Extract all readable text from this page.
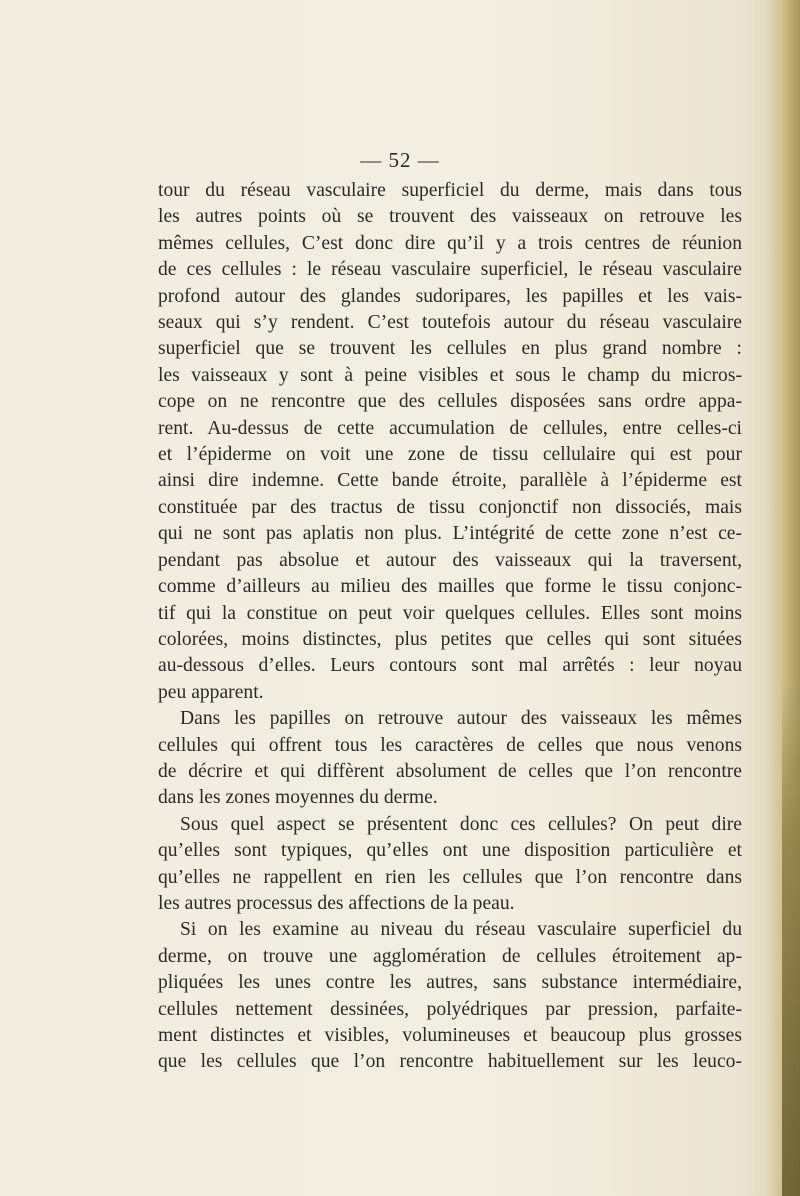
— 52 —

tour du réseau vasculaire superficiel du derme, mais dans tous
les autres points où se trouvent des vaisseaux on retrouve les
mêmes cellules, C’est donc dire qu’il y a trois centres de réunion
de ces cellules : le réseau vasculaire superficiel, le réseau vasculaire
profond autour des glandes sudoripares, les papilles et les vais-
seaux qui s’y rendent. C’est toutefois autour du réseau vasculaire
superficiel que se trouvent les cellules en plus grand nombre :
les vaisseaux y sont à peine visibles et sous le champ du micros-
cope on ne rencontre que des cellules disposées sans ordre appa-
rent. Au-dessus de cette accumulation de cellules, entre celles-ci
et l’épiderme on voit une zone de tissu cellulaire qui est pour
ainsi dire indemne. Cette bande étroite, parallèle à l’épiderme est
constituée par des tractus de tissu conjonctif non dissociés, mais
qui ne sont pas aplatis non plus. L’intégrité de cette zone n’est ce-
pendant pas absolue et autour des vaisseaux qui la traversent,
comme d’ailleurs au milieu des mailles que forme le tissu conjonc-
tif qui la constitue on peut voir quelques cellules. Elles sont moins
colorées, moins distinctes, plus petites que celles qui sont situées
au-dessous d’elles. Leurs contours sont mal arrêtés : leur noyau
peu apparent.

Dans les papilles on retrouve autour des vaisseaux les mêmes
cellules qui offrent tous les caractères de celles que nous venons
de décrire et qui diffèrent absolument de celles que l’on rencontre
dans les zones moyennes du derme.

Sous quel aspect se présentent donc ces cellules? On peut dire
qu’elles sont typiques, qu’elles ont une disposition particulière et
qu’elles ne rappellent en rien les cellules que l’on rencontre dans
les autres processus des affections de la peau.

Si on les examine au niveau du réseau vasculaire superficiel du
derme, on trouve une agglomération de cellules étroitement ap-
pliquées les unes contre les autres, sans substance intermédiaire,
cellules nettement dessinées, polyédriques par pression, parfaite-
ment distinctes et visibles, volumineuses et beaucoup plus grosses
que les cellules que l’on rencontre habituellement sur les leuco-
